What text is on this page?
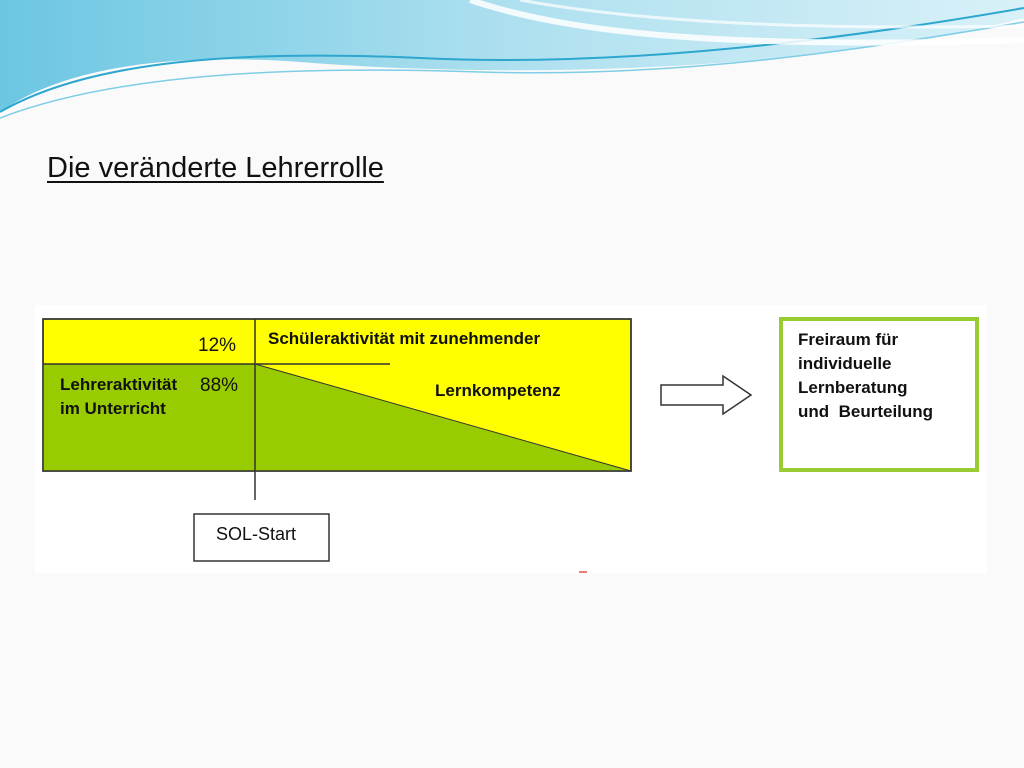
Die veränderte Lehrerrolle

12% Schüleraktivität mit zunehmender

Lernkompetenz

Lehreraktivität

im Unterricht

88%

SOL-Start

Freiraum für
individuelle
Lernberatung
und  Beurteilung
